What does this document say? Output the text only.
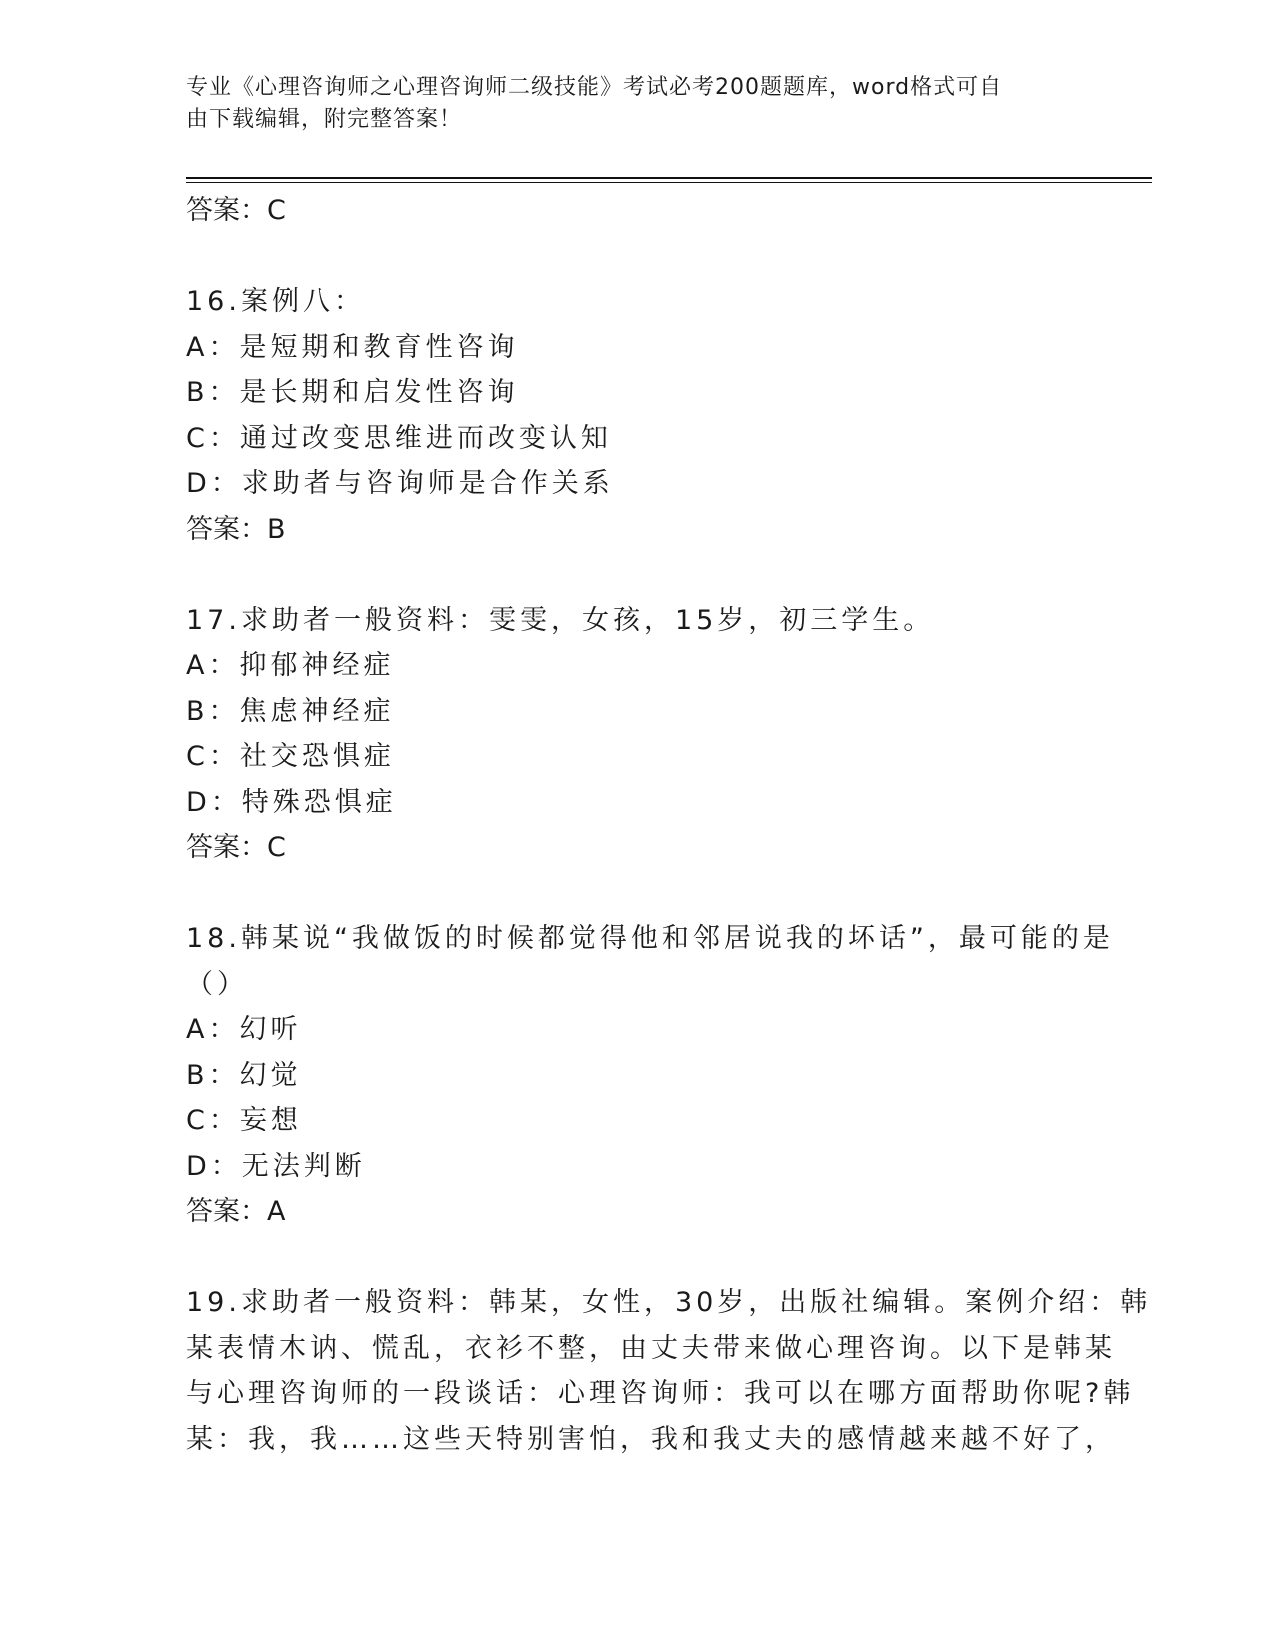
专业《心理咨询师之心理咨询师二级技能》考试必考200题题库，word格式可自
由下载编辑，附完整答案！
答案：C
16.案例八：
A：是短期和教育性咨询
B：是长期和启发性咨询
C：通过改变思维进而改变认知
D：求助者与咨询师是合作关系
答案：B
17.求助者一般资料：雯雯，女孩，15岁，初三学生。
A：抑郁神经症
B：焦虑神经症
C：社交恐惧症
D：特殊恐惧症
答案：C
18.韩某说“我做饭的时候都觉得他和邻居说我的坏话”，最可能的是
（）
A：幻听
B：幻觉
C：妄想
D：无法判断
答案：A
19.求助者一般资料：韩某，女性，30岁，出版社编辑。案例介绍：韩
某表情木讷、慌乱，衣衫不整，由丈夫带来做心理咨询。以下是韩某
与心理咨询师的一段谈话：心理咨询师：我可以在哪方面帮助你呢?韩
某：我，我……这些天特别害怕，我和我丈夫的感情越来越不好了，
